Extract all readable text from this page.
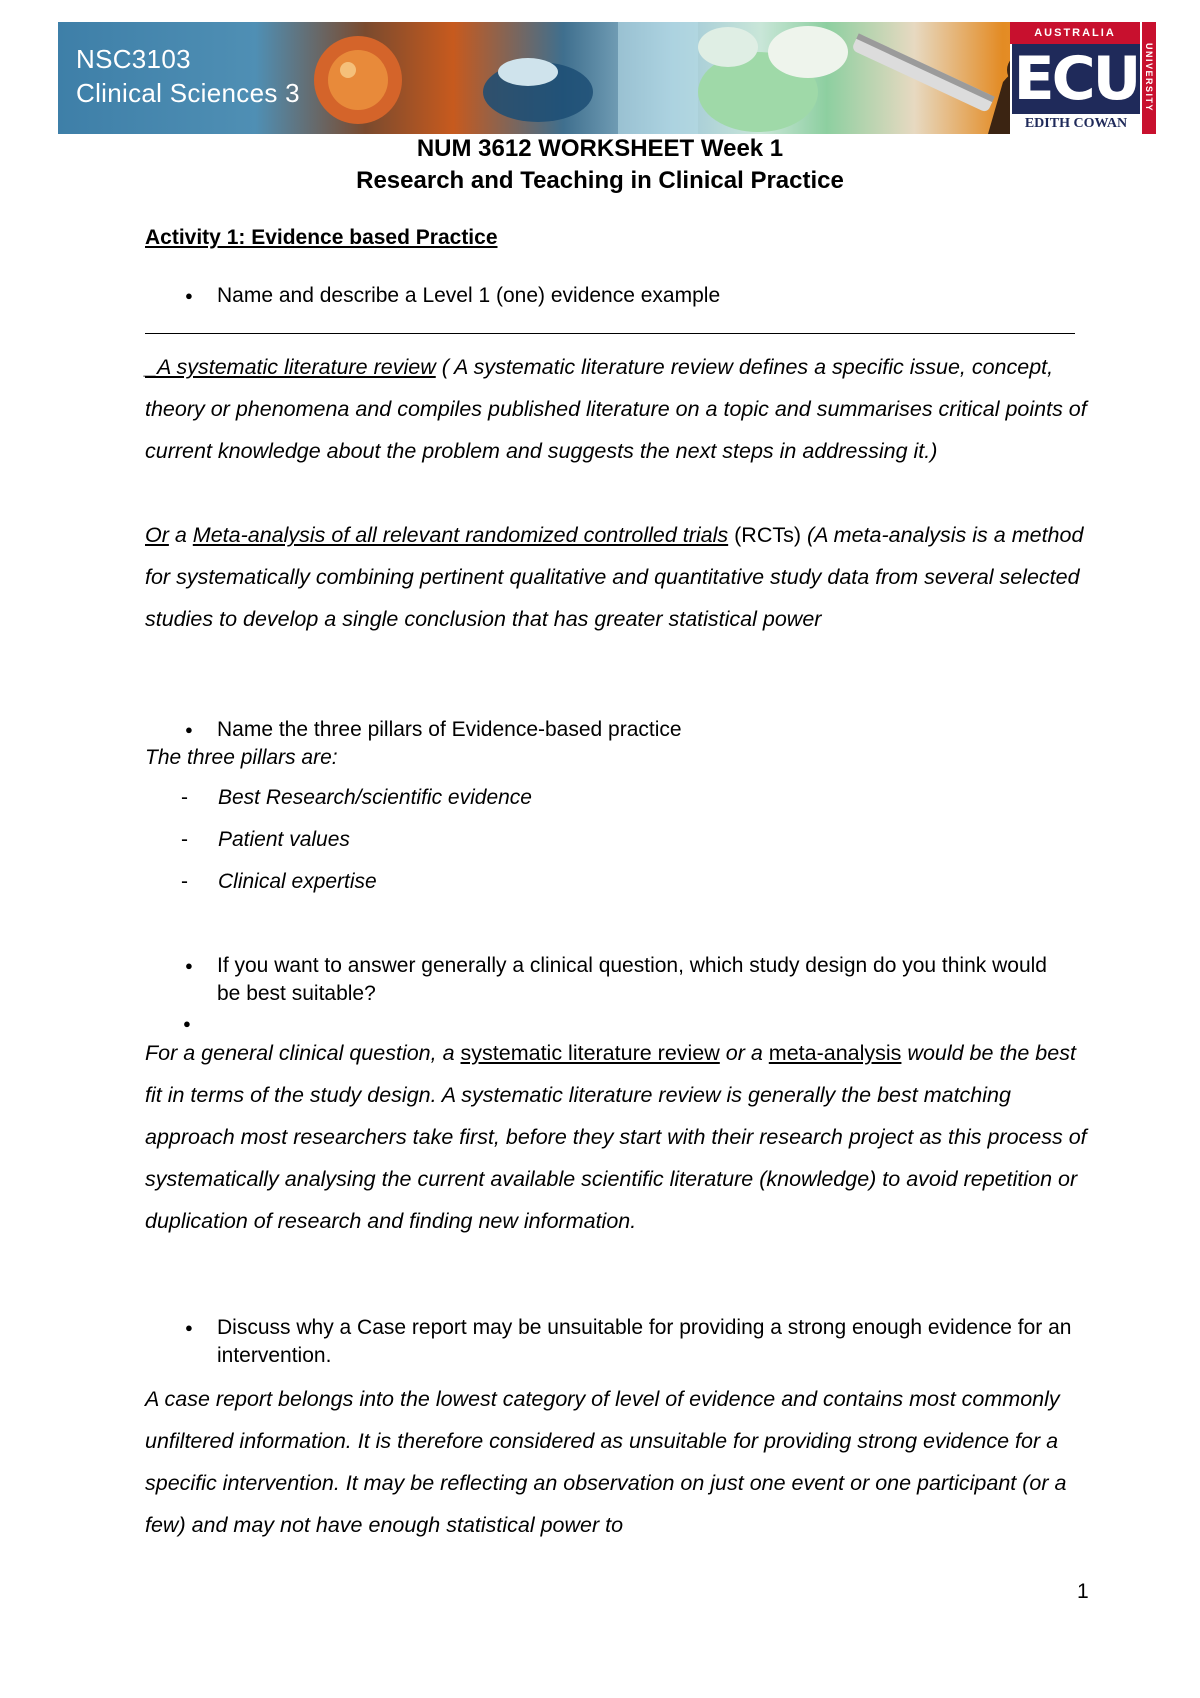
NSC3103
Clinical Sciences 3
AUSTRALIA
ECU
EDITH COWAN
UNIVERSITY
NUM 3612 WORKSHEET Week 1
Research and Teaching in Clinical Practice
Activity 1: Evidence based Practice
● Name and describe a Level 1 (one) evidence example
_A systematic literature review ( A systematic literature review defines a specific issue, concept, theory or phenomena and compiles published literature on a topic and summarises critical points of current knowledge about the problem and suggests the next steps in addressing it.)
Or a Meta-analysis of all relevant randomized controlled trials (RCTs) (A meta-analysis is a method for systematically combining pertinent qualitative and quantitative study data from several selected studies to develop a single conclusion that has greater statistical power
● Name the three pillars of Evidence-based practice
The three pillars are:
- Best Research/scientific evidence
- Patient values
- Clinical expertise
● If you want to answer generally a clinical question, which study design do you think would be best suitable?
●
For a general clinical question, a systematic literature review or a meta-analysis would be the best fit in terms of the study design. A systematic literature review is generally the best matching approach most researchers take first, before they start with their research project as this process of systematically analysing the current available scientific literature (knowledge) to avoid repetition or duplication of research and finding new information.
● Discuss why a Case report may be unsuitable for providing a strong enough evidence for an intervention.
A case report belongs into the lowest category of level of evidence and contains most commonly unfiltered information. It is therefore considered as unsuitable for providing strong evidence for a specific intervention. It may be reflecting an observation on just one event or one participant (or a few) and may not have enough statistical power to
1
